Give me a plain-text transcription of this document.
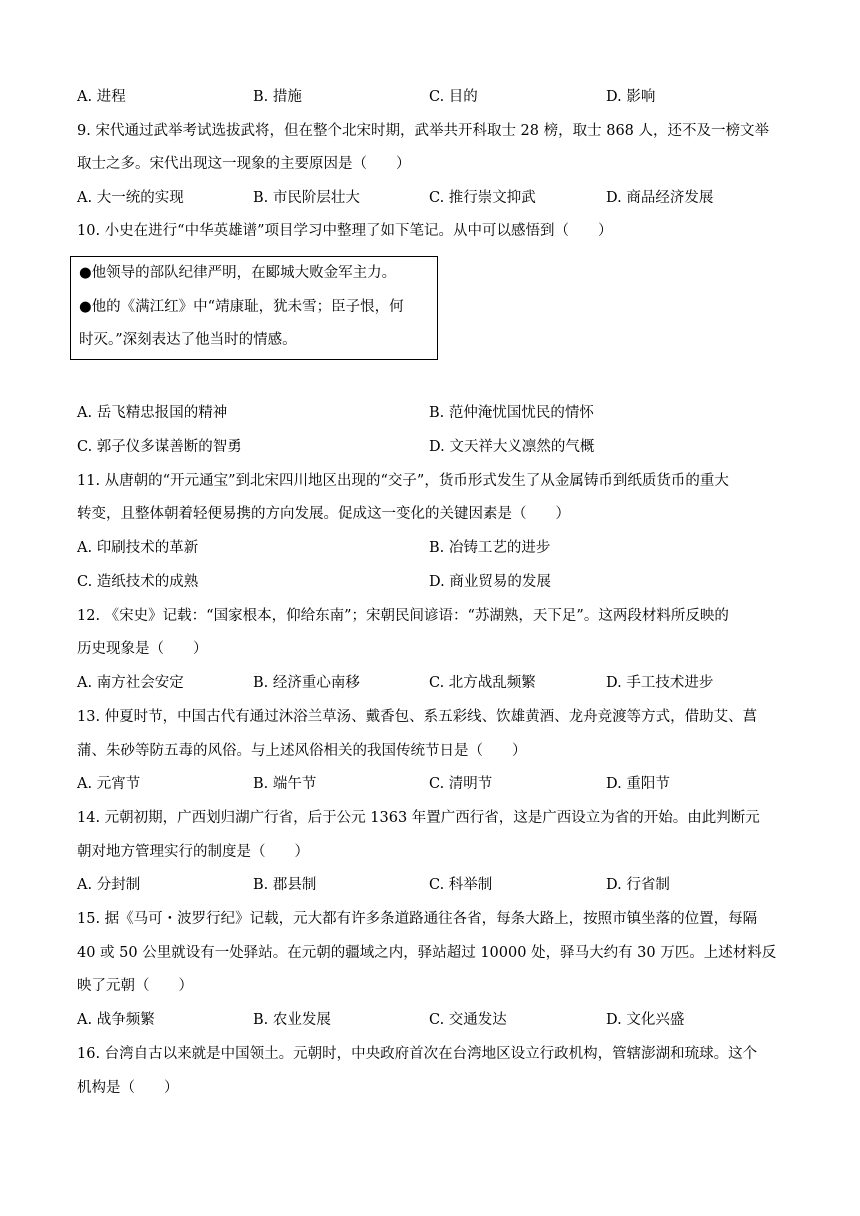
A. 进程	B. 措施	C. 目的	D. 影响
9. 宋代通过武举考试选拔武将，但在整个北宋时期，武举共开科取士 28 榜，取士 868 人，还不及一榜文举
取士之多。宋代出现这一现象的主要原因是（　　）
A. 大一统的实现	B. 市民阶层壮大	C. 推行崇文抑武	D. 商品经济发展
10. 小史在进行“中华英雄谱”项目学习中整理了如下笔记。从中可以感悟到（　　）
●他领导的部队纪律严明，在郾城大败金军主力。
●他的《满江红》中“靖康耻，犹未雪；臣子恨，何
时灭。”深刻表达了他当时的情感。
A. 岳飞精忠报国的精神	B. 范仲淹忧国忧民的情怀
C. 郭子仪多谋善断的智勇	D. 文天祥大义凛然的气概
11. 从唐朝的“开元通宝”到北宋四川地区出现的“交子”，货币形式发生了从金属铸币到纸质货币的重大
转变，且整体朝着轻便易携的方向发展。促成这一变化的关键因素是（　　）
A. 印刷技术的革新	B. 冶铸工艺的进步
C. 造纸技术的成熟	D. 商业贸易的发展
12. 《宋史》记载：“国家根本，仰给东南”；宋朝民间谚语：“苏湖熟，天下足”。这两段材料所反映的
历史现象是（　　）
A. 南方社会安定	B. 经济重心南移	C. 北方战乱频繁	D. 手工技术进步
13. 仲夏时节，中国古代有通过沐浴兰草汤、戴香包、系五彩线、饮雄黄酒、龙舟竞渡等方式，借助艾、菖
蒲、朱砂等防五毒的风俗。与上述风俗相关的我国传统节日是（　　）
A. 元宵节	B. 端午节	C. 清明节	D. 重阳节
14. 元朝初期，广西划归湖广行省，后于公元 1363 年置广西行省，这是广西设立为省的开始。由此判断元
朝对地方管理实行的制度是（　　）
A. 分封制	B. 郡县制	C. 科举制	D. 行省制
15. 据《马可・波罗行纪》记载，元大都有许多条道路通往各省，每条大路上，按照市镇坐落的位置，每隔
40 或 50 公里就设有一处驿站。在元朝的疆域之内，驿站超过 10000 处，驿马大约有 30 万匹。上述材料反
映了元朝（　　）
A. 战争频繁	B. 农业发展	C. 交通发达	D. 文化兴盛
16. 台湾自古以来就是中国领土。元朝时，中央政府首次在台湾地区设立行政机构，管辖澎湖和琉球。这个
机构是（　　）
